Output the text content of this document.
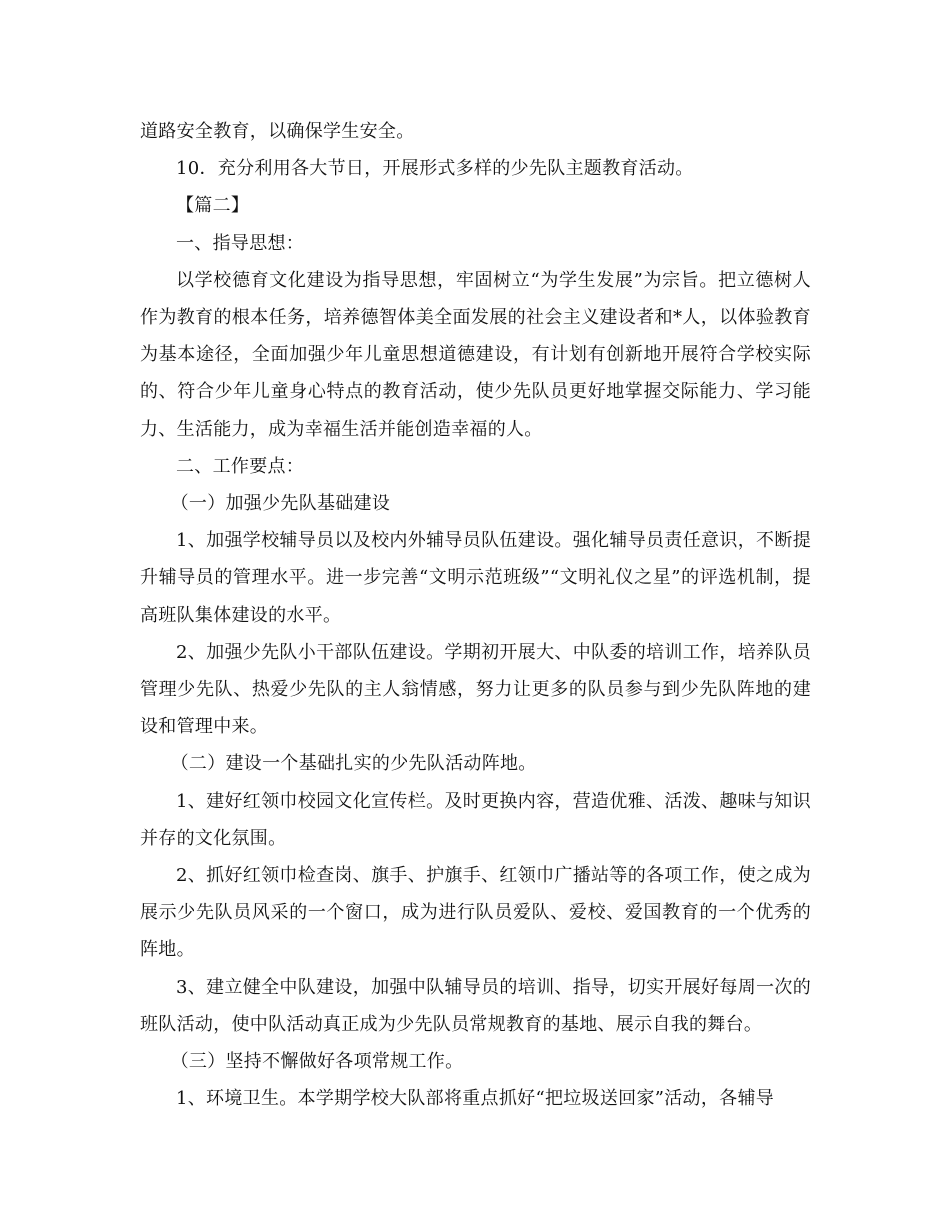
道路安全教育，以确保学生安全。

10．充分利用各大节日，开展形式多样的少先队主题教育活动。

【篇二】

一、指导思想：

以学校德育文化建设为指导思想，牢固树立“为学生发展”为宗旨。把立德树人作为教育的根本任务，培养德智体美全面发展的社会主义建设者和*人，以体验教育为基本途径，全面加强少年儿童思想道德建设，有计划有创新地开展符合学校实际的、符合少年儿童身心特点的教育活动，使少先队员更好地掌握交际能力、学习能力、生活能力，成为幸福生活并能创造幸福的人。

二、工作要点：

（一）加强少先队基础建设

1、加强学校辅导员以及校内外辅导员队伍建设。强化辅导员责任意识，不断提升辅导员的管理水平。进一步完善“文明示范班级”“文明礼仪之星”的评选机制，提高班队集体建设的水平。

2、加强少先队小干部队伍建设。学期初开展大、中队委的培训工作，培养队员管理少先队、热爱少先队的主人翁情感，努力让更多的队员参与到少先队阵地的建设和管理中来。

（二）建设一个基础扎实的少先队活动阵地。

1、建好红领巾校园文化宣传栏。及时更换内容，营造优雅、活泼、趣味与知识并存的文化氛围。

2、抓好红领巾检查岗、旗手、护旗手、红领巾广播站等的各项工作，使之成为展示少先队员风采的一个窗口，成为进行队员爱队、爱校、爱国教育的一个优秀的阵地。

3、建立健全中队建设，加强中队辅导员的培训、指导，切实开展好每周一次的班队活动，使中队活动真正成为少先队员常规教育的基地、展示自我的舞台。

（三）坚持不懈做好各项常规工作。

1、环境卫生。本学期学校大队部将重点抓好“把垃圾送回家”活动，各辅导
